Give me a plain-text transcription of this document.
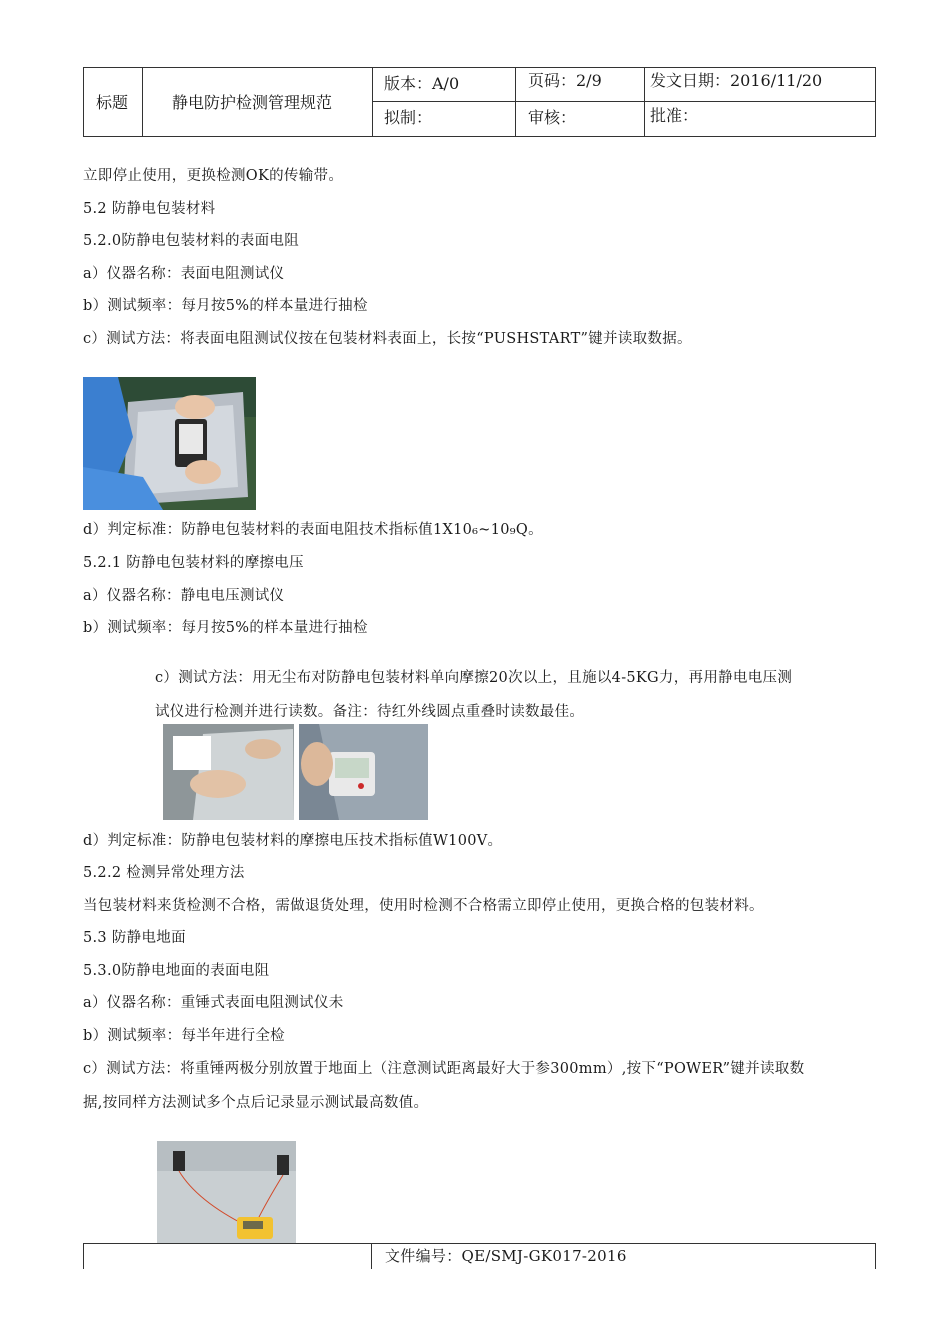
标题	静电防护检测管理规范
版本：A/0	页码：2/9	发文日期：2016/11/20
拟制：	审核：	批准：
立即停止使用，更换检测OK的传输带。
5.2 防静电包装材料
5.2.0防静电包装材料的表面电阻
a）仪器名称：表面电阻测试仪
b）测试频率：每月按5%的样本量进行抽检
c）测试方法：将表面电阻测试仪按在包装材料表面上，长按“PUSHSTART”键并读取数据。
d）判定标准：防静电包装材料的表面电阻技术指标值1X10₆~10₉Q。
5.2.1 防静电包装材料的摩擦电压
a）仪器名称：静电电压测试仪
b）测试频率：每月按5%的样本量进行抽检
c）测试方法：用无尘布对防静电包装材料单向摩擦20次以上，且施以4-5KG力，再用静电电压测
试仪进行检测并进行读数。备注：待红外线圆点重叠时读数最佳。
d）判定标准：防静电包装材料的摩擦电压技术指标值W100V。
5.2.2 检测异常处理方法
当包装材料来货检测不合格，需做退货处理，使用时检测不合格需立即停止使用，更换合格的包装材料。
5.3 防静电地面
5.3.0防静电地面的表面电阻
a）仪器名称：重锤式表面电阻测试仪未
b）测试频率：每半年进行全检
c）测试方法：将重锤两极分别放置于地面上（注意测试距离最好大于参300mm）,按下“POWER”键并读取数
据,按同样方法测试多个点后记录显示测试最高数值。
文件编号：QE/SMJ-GK017-2016
